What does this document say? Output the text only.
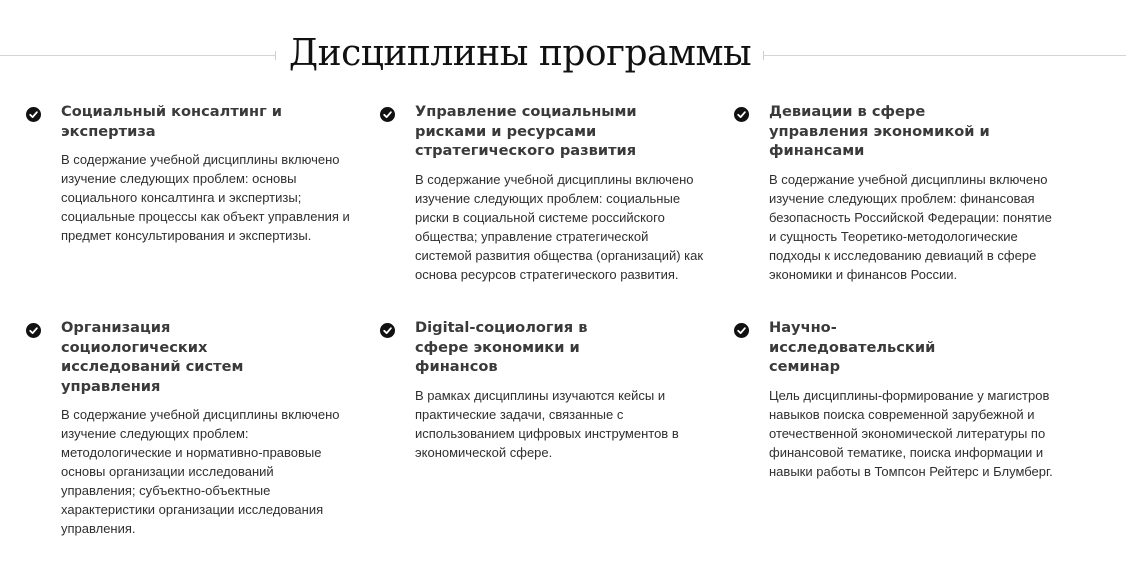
Дисциплины программы
Социальный консалтинг и
экспертиза

В содержание учебной дисциплины включено
изучение следующих проблем: основы
социального консалтинга и экспертизы;
социальные процессы как объект управления и
предмет консультирования и экспертизы.

Управление социальными
рисками и ресурсами
стратегического развития

В содержание учебной дисциплины включено
изучение следующих проблем: социальные
риски в социальной системе российского
общества; управление стратегической
системой развития общества (организаций) как
основа ресурсов стратегического развития.

Девиации в сфере
управления экономикой и
финансами

В содержание учебной дисциплины включено
изучение следующих проблем: финансовая
безопасность Российской Федерации: понятие
и сущность Теоретико-методологические
подходы к исследованию девиаций в сфере
экономики и финансов России.

Организация
социологических
исследований систем
управления

В содержание учебной дисциплины включено
изучение следующих проблем:
методологические и нормативно-правовые
основы организации исследований
управления; субъектно-объектные
характеристики организации исследования
управления.

Digital-социология в
сфере экономики и
финансов

В рамках дисциплины изучаются кейсы и
практические задачи, связанные с
использованием цифровых инструментов в
экономической сфере.

Научно-
исследовательский
семинар

Цель дисциплины-формирование у магистров
навыков поиска современной зарубежной и
отечественной экономической литературы по
финансовой тематике, поиска информации и
навыки работы в Томпсон Рейтерс и Блумберг.
